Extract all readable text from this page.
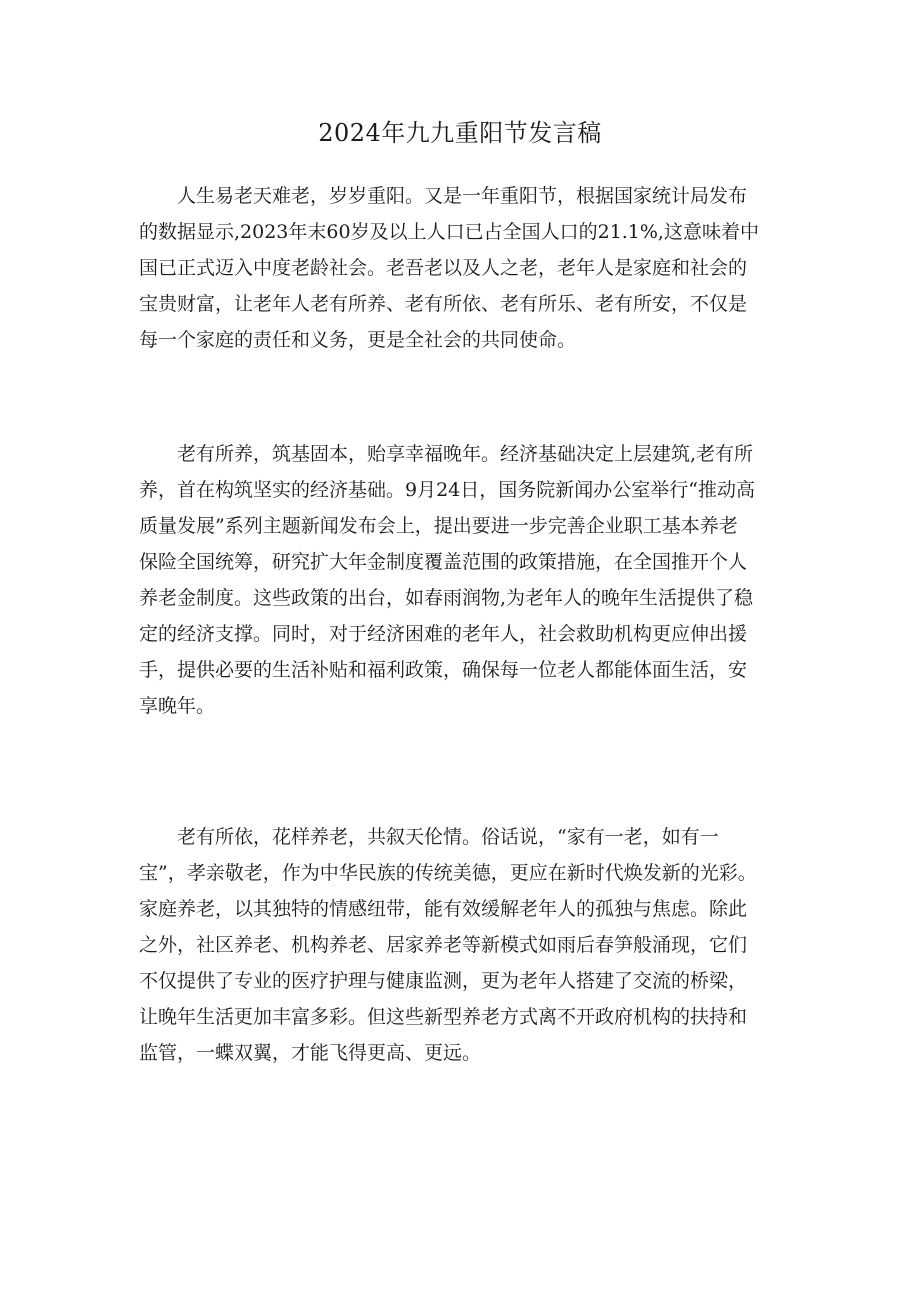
2024年九九重阳节发言稿
人生易老天难老，岁岁重阳。又是一年重阳节，根据国家统计局发布
的数据显示,2023年末60岁及以上人口已占全国人口的21.1%,这意味着中
国已正式迈入中度老龄社会。老吾老以及人之老，老年人是家庭和社会的
宝贵财富，让老年人老有所养、老有所依、老有所乐、老有所安，不仅是
每一个家庭的责任和义务，更是全社会的共同使命。
老有所养，筑基固本，贻享幸福晚年。经济基础决定上层建筑,老有所
养，首在构筑坚实的经济基础。9月24日，国务院新闻办公室举行“推动高
质量发展”系列主题新闻发布会上，提出要进一步完善企业职工基本养老
保险全国统筹，研究扩大年金制度覆盖范围的政策措施，在全国推开个人
养老金制度。这些政策的出台，如春雨润物,为老年人的晚年生活提供了稳
定的经济支撑。同时，对于经济困难的老年人，社会救助机构更应伸出援
手，提供必要的生活补贴和福利政策，确保每一位老人都能体面生活，安
享晚年。
老有所依，花样养老，共叙天伦情。俗话说，“家有一老，如有一
宝”，孝亲敬老，作为中华民族的传统美德，更应在新时代焕发新的光彩。
家庭养老，以其独特的情感纽带，能有效缓解老年人的孤独与焦虑。除此
之外，社区养老、机构养老、居家养老等新模式如雨后春笋般涌现，它们
不仅提供了专业的医疗护理与健康监测，更为老年人搭建了交流的桥梁，
让晚年生活更加丰富多彩。但这些新型养老方式离不开政府机构的扶持和
监管，一蝶双翼，才能飞得更高、更远。
